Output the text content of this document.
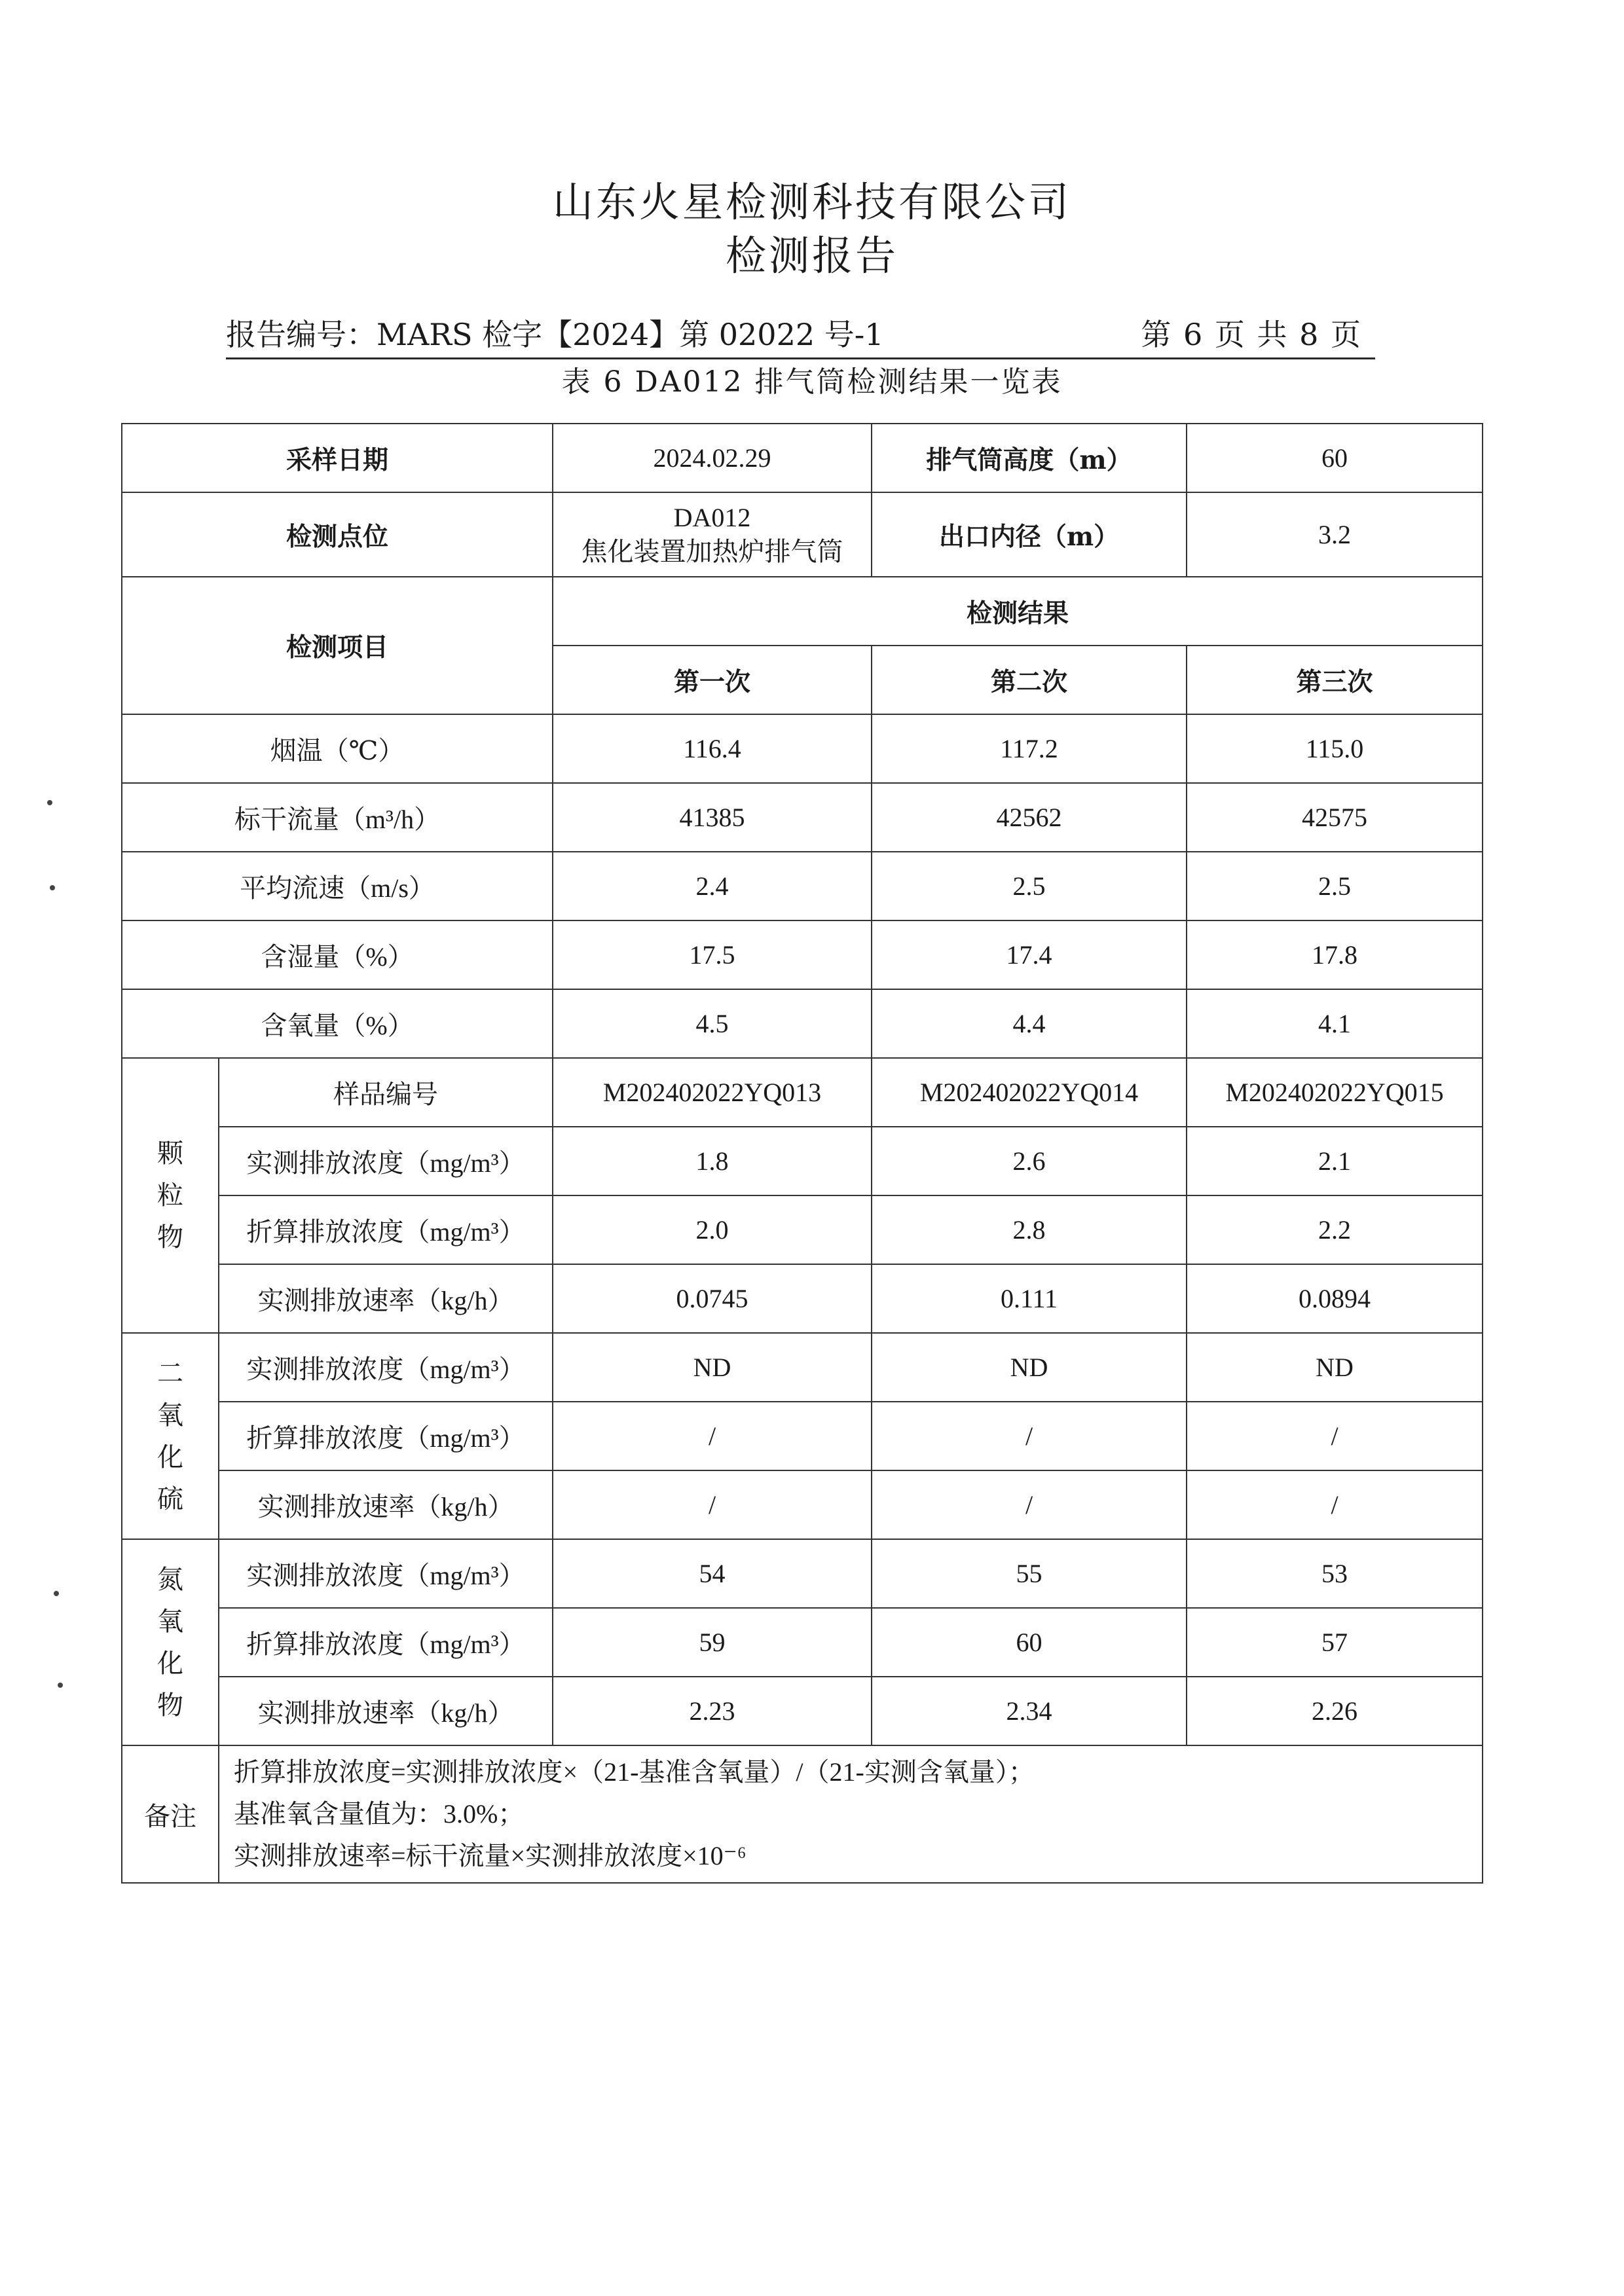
山东火星检测科技有限公司
检测报告
报告编号：MARS 检字【2024】第 02022 号-1	第 6 页 共 8 页
表 6 DA012 排气筒检测结果一览表
采样日期		2024.02.29	排气筒高度（m）	60
检测点位		DA012
焦化装置加热炉排气筒	出口内径（m）	3.2
检测项目		检测结果		
		第一次	第二次	第三次
烟温（℃）		116.4	117.2	115.0
标干流量（m³/h）		41385	42562	42575
平均流速（m/s）		2.4	2.5	2.5
含湿量（%）		17.5	17.4	17.8
含氧量（%）		4.5	4.4	4.1

颗
粒
物	样品编号	M202402022YQ013	M202402022YQ014	M202402022YQ015
	实测排放浓度（mg/m³）	1.8	2.6	2.1
	折算排放浓度（mg/m³）	2.0	2.8	2.2
	实测排放速率（kg/h）	0.0745	0.111	0.0894

二
氧
化
硫	实测排放浓度（mg/m³）	ND	ND	ND
	折算排放浓度（mg/m³）	/	/	/
	实测排放速率（kg/h）	/	/	/

氮
氧
化
物	实测排放浓度（mg/m³）	54	55	53
	折算排放浓度（mg/m³）	59	60	57
	实测排放速率（kg/h）	2.23	2.34	2.26
备注	折算排放浓度=实测排放浓度×（21-基准含氧量）/（21-实测含氧量）；
基准氧含量值为：3.0%；
实测排放速率=标干流量×实测排放浓度×10⁻⁶			
